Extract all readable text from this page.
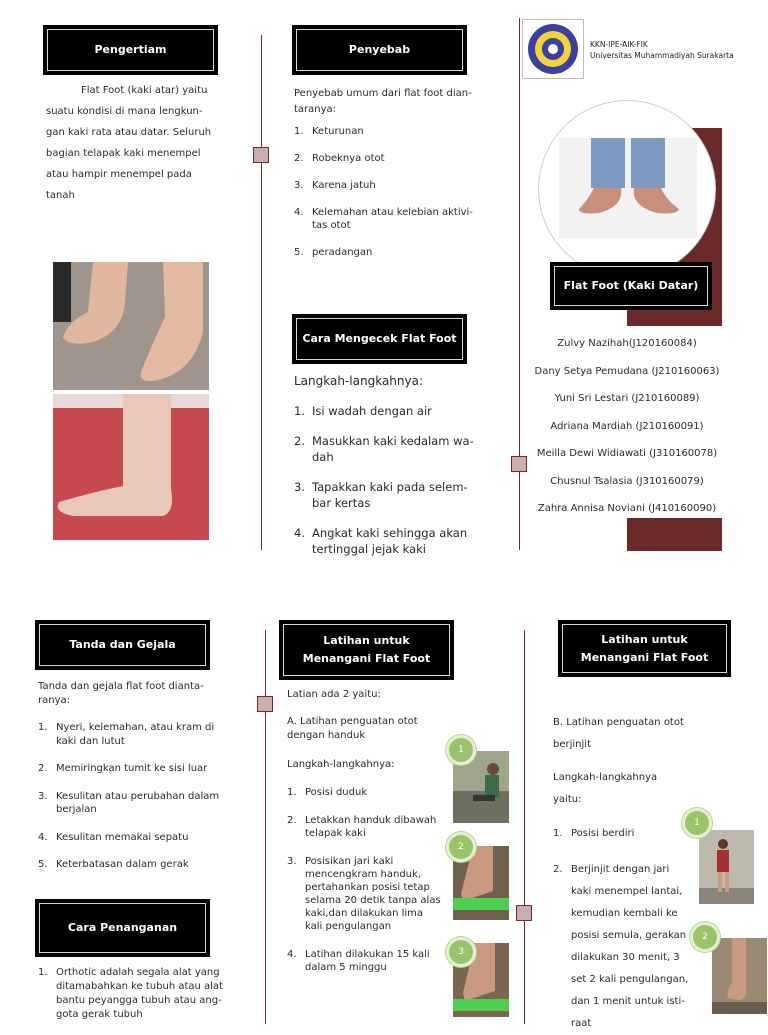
Pengertiam
Flat Foot (kaki atar) yaitu
suatu kondisi di mana lengkun-gan kaki rata atau datar. Seluruh bagian telapak kaki menempel atau hampir menempel pada tanah
Penyebab
Penyebab umum dari flat foot dian-taranya:
1. Keturunan
2. Robeknya otot
3. Karena jatuh
4. Kelemahan atau kelebian aktivi-tas otot
5. peradangan
Cara Mengecek Flat Foot
Langkah-langkahnya:
1. Isi wadah dengan air
2. Masukkan kaki kedalam wa-dah
3. Tapakkan kaki pada selem-bar kertas
4. Angkat kaki sehingga akan tertinggal jejak kaki
KKN-IPE-AIK-FIK
Universitas Muhammadiyah Surakarta
Flat Foot (Kaki Datar)
Zulvy Nazihah(J120160084)
Dany Setya Pemudana (J210160063)
Yuni Sri Lestari (J210160089)
Adriana Mardiah (J210160091)
Meilla Dewi Widiawati (J310160078)
Chusnul Tsalasia (J310160079)
Zahra Annisa Noviani (J410160090)
Tanda dan Gejala
Tanda dan gejala flat foot dianta-ranya:
1. Nyeri, kelemahan, atau kram di kaki dan lutut
2. Memiringkan tumit ke sisi luar
3. Kesulitan atau perubahan dalam berjalan
4. Kesulitan memakai sepatu
5. Keterbatasan dalam gerak
Cara Penanganan
1. Orthotic adalah segala alat yang ditamabahkan ke tubuh atau alat bantu peyangga tubuh atau ang-gota gerak tubuh
Latihan untuk Menangani Flat Foot
Latian ada 2 yaitu:
A. Latihan penguatan otot dengan handuk
Langkah-langkahnya:
1. Posisi duduk
2. Letakkan handuk dibawah telapak kaki
3. Posisikan jari kaki mencengkram handuk, pertahankan posisi tetap selama 20 detik tanpa alas kaki,dan dilakukan lima kali pengulangan
4. Latihan dilakukan 15 kali dalam 5 minggu
1
2
3
Latihan untuk Menangani Flat Foot
B. Latihan penguatan otot berjinjit
Langkah-langkahnya yaitu:
1. Posisi berdiri
2. Berjinjit dengan jari kaki menempel lantai, kemudian kembali ke posisi semula, gerakan dilakukan 30 menit, 3 set 2 kali pengulangan, dan 1 menit untuk isti-raat
1
2
